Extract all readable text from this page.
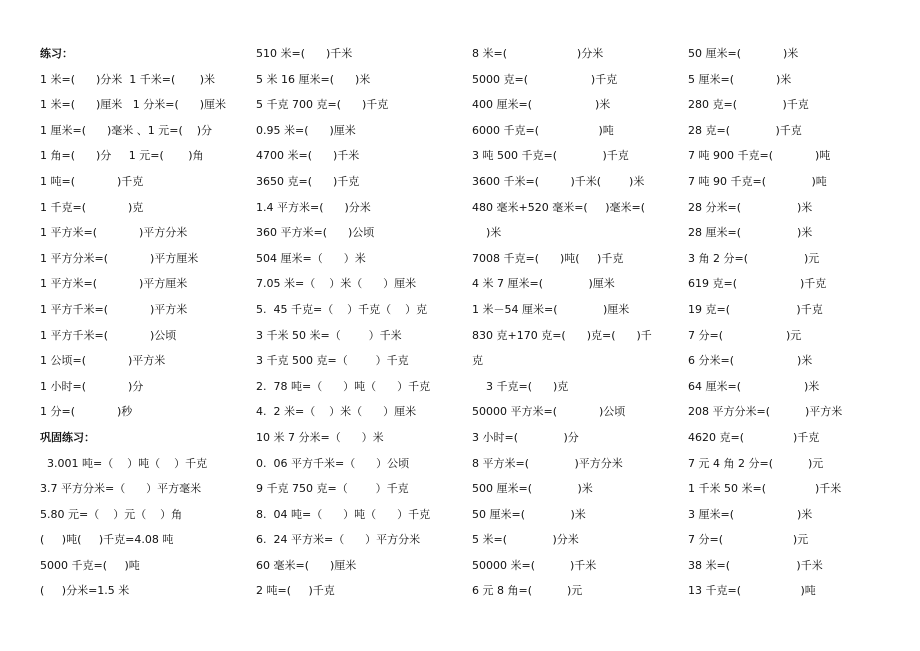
练习：
1 米=(      )分米  1 千米=(       )米
1 米=(      )厘米   1 分米=(      )厘米
1 厘米=(      )毫米 、1 元=(    )分
1 角=(      )分     1 元=(       )角
1 吨=(            )千克
1 千克=(            )克
1 平方米=(            )平方分米
1 平方分米=(            )平方厘米
1 平方米=(            )平方厘米
1 平方千米=(            )平方米
1 平方千米=(            )公顷
1 公顷=(            )平方米
1 小时=(            )分
1 分=(            )秒
巩固练习：
3.001 吨=（    ）吨（    ）千克
3.7 平方分米=（      ）平方毫米
5.80 元=（    ）元（    ）角
(     )吨(     )千克=4.08 吨
5000 千克=(     )吨
(     )分米=1.5 米
510 米=(      )千米
5 米 16 厘米=(      )米
5 千克 700 克=(      )千克
0.95 米=(      )厘米
4700 米=(      )千米
3650 克=(      )千克
1.4 平方米=(      )分米
360 平方米=(      )公顷
504 厘米=（      ）米
7.05 米=（    ）米（      ）厘米
5.  45 千克=（    ）千克（    ）克
3 千米 50 米=（        ）千米
3 千克 500 克=（        ）千克
2.  78 吨=（      ）吨（      ）千克
4.  2 米=（    ）米（      ）厘米
10 米 7 分米=（      ）米
0.  06 平方千米=（      ）公顷
9 千克 750 克=（        ）千克
8.  04 吨=（      ）吨（      ）千克
6.  24 平方米=（      ）平方分米
60 毫米=(      )厘米
2 吨=(     )千克
8 米=(                    )分米
5000 克=(                  )千克
400 厘米=(                  )米
6000 千克=(                 )吨
3 吨 500 千克=(             )千克
3600 千米=(         )千米(        )米
480 毫米+520 毫米=(     )毫米=(
)米
7008 千克=(      )吨(     )千克
4 米 7 厘米=(             )厘米
1 米－54 厘米=(             )厘米
830 克+170 克=(      )克=(      )千
克
3 千克=(      )克
50000 平方米=(            )公顷
3 小时=(             )分
8 平方米=(             )平方分米
500 厘米=(             )米
50 厘米=(             )米
5 米=(             )分米
50000 米=(          )千米
6 元 8 角=(          )元
50 厘米=(            )米
5 厘米=(            )米
280 克=(             )千克
28 克=(             )千克
7 吨 900 千克=(            )吨
7 吨 90 千克=(             )吨
28 分米=(                )米
28 厘米=(                )米
3 角 2 分=(                )元
619 克=(                  )千克
19 克=(                   )千克
7 分=(                  )元
6 分米=(                  )米
64 厘米=(                  )米
208 平方分米=(          )平方米
4620 克=(              )千克
7 元 4 角 2 分=(          )元
1 千米 50 米=(              )千米
3 厘米=(                  )米
7 分=(                    )元
38 米=(                   )千米
13 千克=(                 )吨
